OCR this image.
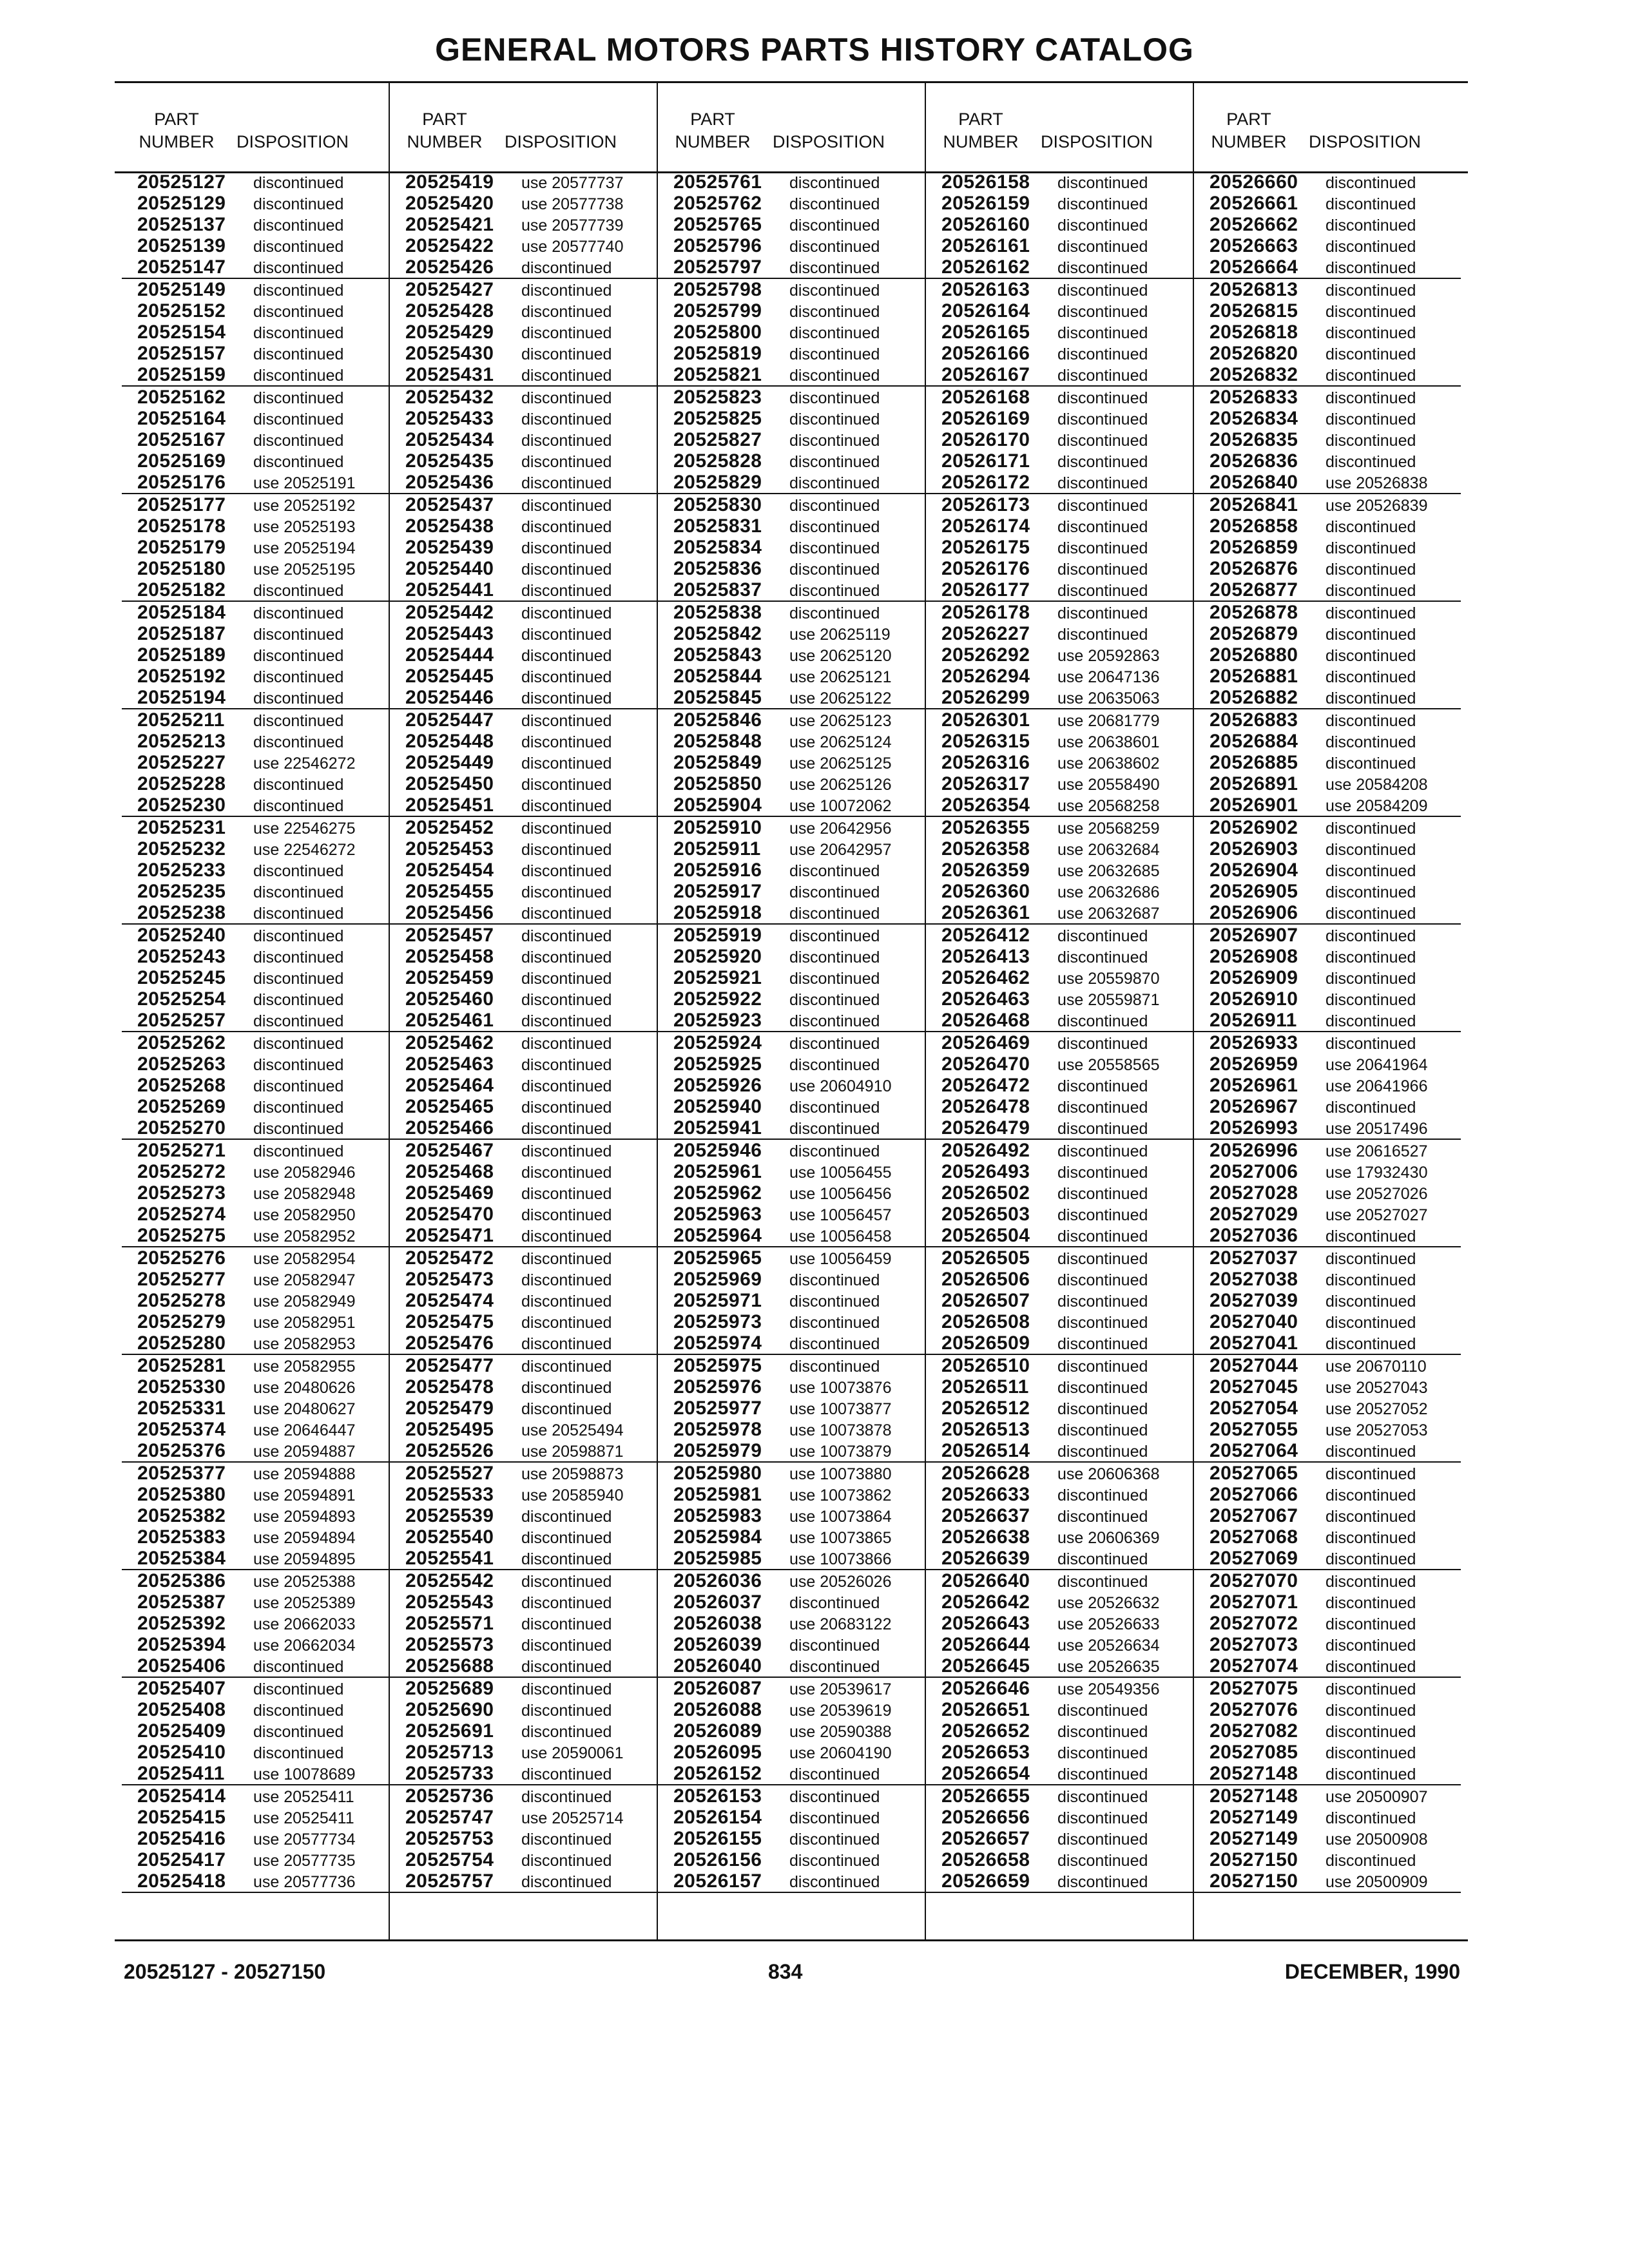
GENERAL MOTORS PARTS HISTORY CATALOG
PART
NUMBER	DISPOSITION
20525127 discontinued
20525129 discontinued
20525137 discontinued
20525139 discontinued
20525147 discontinued
20525149 discontinued
20525152 discontinued
20525154 discontinued
20525157 discontinued
20525159 discontinued
20525162 discontinued
20525164 discontinued
20525167 discontinued
20525169 discontinued
20525176 use 20525191
20525177 use 20525192
20525178 use 20525193
20525179 use 20525194
20525180 use 20525195
20525182 discontinued
20525184 discontinued
20525187 discontinued
20525189 discontinued
20525192 discontinued
20525194 discontinued
20525211 discontinued
20525213 discontinued
20525227 use 22546272
20525228 discontinued
20525230 discontinued
20525231 use 22546275
20525232 use 22546272
20525233 discontinued
20525235 discontinued
20525238 discontinued
20525240 discontinued
20525243 discontinued
20525245 discontinued
20525254 discontinued
20525257 discontinued
20525262 discontinued
20525263 discontinued
20525268 discontinued
20525269 discontinued
20525270 discontinued
20525271 discontinued
20525272 use 20582946
20525273 use 20582948
20525274 use 20582950
20525275 use 20582952
20525276 use 20582954
20525277 use 20582947
20525278 use 20582949
20525279 use 20582951
20525280 use 20582953
20525281 use 20582955
20525330 use 20480626
20525331 use 20480627
20525374 use 20646447
20525376 use 20594887
20525377 use 20594888
20525380 use 20594891
20525382 use 20594893
20525383 use 20594894
20525384 use 20594895
20525386 use 20525388
20525387 use 20525389
20525392 use 20662033
20525394 use 20662034
20525406 discontinued
20525407 discontinued
20525408 discontinued
20525409 discontinued
20525410 discontinued
20525411 use 10078689
20525414 use 20525411
20525415 use 20525411
20525416 use 20577734
20525417 use 20577735
20525418 use 20577736
PART
NUMBER	DISPOSITION
20525419 use 20577737
20525420 use 20577738
20525421 use 20577739
20525422 use 20577740
20525426 discontinued
20525427 discontinued
20525428 discontinued
20525429 discontinued
20525430 discontinued
20525431 discontinued
20525432 discontinued
20525433 discontinued
20525434 discontinued
20525435 discontinued
20525436 discontinued
20525437 discontinued
20525438 discontinued
20525439 discontinued
20525440 discontinued
20525441 discontinued
20525442 discontinued
20525443 discontinued
20525444 discontinued
20525445 discontinued
20525446 discontinued
20525447 discontinued
20525448 discontinued
20525449 discontinued
20525450 discontinued
20525451 discontinued
20525452 discontinued
20525453 discontinued
20525454 discontinued
20525455 discontinued
20525456 discontinued
20525457 discontinued
20525458 discontinued
20525459 discontinued
20525460 discontinued
20525461 discontinued
20525462 discontinued
20525463 discontinued
20525464 discontinued
20525465 discontinued
20525466 discontinued
20525467 discontinued
20525468 discontinued
20525469 discontinued
20525470 discontinued
20525471 discontinued
20525472 discontinued
20525473 discontinued
20525474 discontinued
20525475 discontinued
20525476 discontinued
20525477 discontinued
20525478 discontinued
20525479 discontinued
20525495 use 20525494
20525526 use 20598871
20525527 use 20598873
20525533 use 20585940
20525539 discontinued
20525540 discontinued
20525541 discontinued
20525542 discontinued
20525543 discontinued
20525571 discontinued
20525573 discontinued
20525688 discontinued
20525689 discontinued
20525690 discontinued
20525691 discontinued
20525713 use 20590061
20525733 discontinued
20525736 discontinued
20525747 use 20525714
20525753 discontinued
20525754 discontinued
20525757 discontinued
PART
NUMBER	DISPOSITION
20525761 discontinued
20525762 discontinued
20525765 discontinued
20525796 discontinued
20525797 discontinued
20525798 discontinued
20525799 discontinued
20525800 discontinued
20525819 discontinued
20525821 discontinued
20525823 discontinued
20525825 discontinued
20525827 discontinued
20525828 discontinued
20525829 discontinued
20525830 discontinued
20525831 discontinued
20525834 discontinued
20525836 discontinued
20525837 discontinued
20525838 discontinued
20525842 use 20625119
20525843 use 20625120
20525844 use 20625121
20525845 use 20625122
20525846 use 20625123
20525848 use 20625124
20525849 use 20625125
20525850 use 20625126
20525904 use 10072062
20525910 use 20642956
20525911 use 20642957
20525916 discontinued
20525917 discontinued
20525918 discontinued
20525919 discontinued
20525920 discontinued
20525921 discontinued
20525922 discontinued
20525923 discontinued
20525924 discontinued
20525925 discontinued
20525926 use 20604910
20525940 discontinued
20525941 discontinued
20525946 discontinued
20525961 use 10056455
20525962 use 10056456
20525963 use 10056457
20525964 use 10056458
20525965 use 10056459
20525969 discontinued
20525971 discontinued
20525973 discontinued
20525974 discontinued
20525975 discontinued
20525976 use 10073876
20525977 use 10073877
20525978 use 10073878
20525979 use 10073879
20525980 use 10073880
20525981 use 10073862
20525983 use 10073864
20525984 use 10073865
20525985 use 10073866
20526036 use 20526026
20526037 discontinued
20526038 use 20683122
20526039 discontinued
20526040 discontinued
20526087 use 20539617
20526088 use 20539619
20526089 use 20590388
20526095 use 20604190
20526152 discontinued
20526153 discontinued
20526154 discontinued
20526155 discontinued
20526156 discontinued
20526157 discontinued
PART
NUMBER	DISPOSITION
20526158 discontinued
20526159 discontinued
20526160 discontinued
20526161 discontinued
20526162 discontinued
20526163 discontinued
20526164 discontinued
20526165 discontinued
20526166 discontinued
20526167 discontinued
20526168 discontinued
20526169 discontinued
20526170 discontinued
20526171 discontinued
20526172 discontinued
20526173 discontinued
20526174 discontinued
20526175 discontinued
20526176 discontinued
20526177 discontinued
20526178 discontinued
20526227 discontinued
20526292 use 20592863
20526294 use 20647136
20526299 use 20635063
20526301 use 20681779
20526315 use 20638601
20526316 use 20638602
20526317 use 20558490
20526354 use 20568258
20526355 use 20568259
20526358 use 20632684
20526359 use 20632685
20526360 use 20632686
20526361 use 20632687
20526412 discontinued
20526413 discontinued
20526462 use 20559870
20526463 use 20559871
20526468 discontinued
20526469 discontinued
20526470 use 20558565
20526472 discontinued
20526478 discontinued
20526479 discontinued
20526492 discontinued
20526493 discontinued
20526502 discontinued
20526503 discontinued
20526504 discontinued
20526505 discontinued
20526506 discontinued
20526507 discontinued
20526508 discontinued
20526509 discontinued
20526510 discontinued
20526511 discontinued
20526512 discontinued
20526513 discontinued
20526514 discontinued
20526628 use 20606368
20526633 discontinued
20526637 discontinued
20526638 use 20606369
20526639 discontinued
20526640 discontinued
20526642 use 20526632
20526643 use 20526633
20526644 use 20526634
20526645 use 20526635
20526646 use 20549356
20526651 discontinued
20526652 discontinued
20526653 discontinued
20526654 discontinued
20526655 discontinued
20526656 discontinued
20526657 discontinued
20526658 discontinued
20526659 discontinued
PART
NUMBER	DISPOSITION
20526660 discontinued
20526661 discontinued
20526662 discontinued
20526663 discontinued
20526664 discontinued
20526813 discontinued
20526815 discontinued
20526818 discontinued
20526820 discontinued
20526832 discontinued
20526833 discontinued
20526834 discontinued
20526835 discontinued
20526836 discontinued
20526840 use 20526838
20526841 use 20526839
20526858 discontinued
20526859 discontinued
20526876 discontinued
20526877 discontinued
20526878 discontinued
20526879 discontinued
20526880 discontinued
20526881 discontinued
20526882 discontinued
20526883 discontinued
20526884 discontinued
20526885 discontinued
20526891 use 20584208
20526901 use 20584209
20526902 discontinued
20526903 discontinued
20526904 discontinued
20526905 discontinued
20526906 discontinued
20526907 discontinued
20526908 discontinued
20526909 discontinued
20526910 discontinued
20526911 discontinued
20526933 discontinued
20526959 use 20641964
20526961 use 20641966
20526967 discontinued
20526993 use 20517496
20526996 use 20616527
20527006 use 17932430
20527028 use 20527026
20527029 use 20527027
20527036 discontinued
20527037 discontinued
20527038 discontinued
20527039 discontinued
20527040 discontinued
20527041 discontinued
20527044 use 20670110
20527045 use 20527043
20527054 use 20527052
20527055 use 20527053
20527064 discontinued
20527065 discontinued
20527066 discontinued
20527067 discontinued
20527068 discontinued
20527069 discontinued
20527070 discontinued
20527071 discontinued
20527072 discontinued
20527073 discontinued
20527074 discontinued
20527075 discontinued
20527076 discontinued
20527082 discontinued
20527085 discontinued
20527148 discontinued
20527148 use 20500907
20527149 discontinued
20527149 use 20500908
20527150 discontinued
20527150 use 20500909
20525127 - 20527150	834	DECEMBER, 1990
